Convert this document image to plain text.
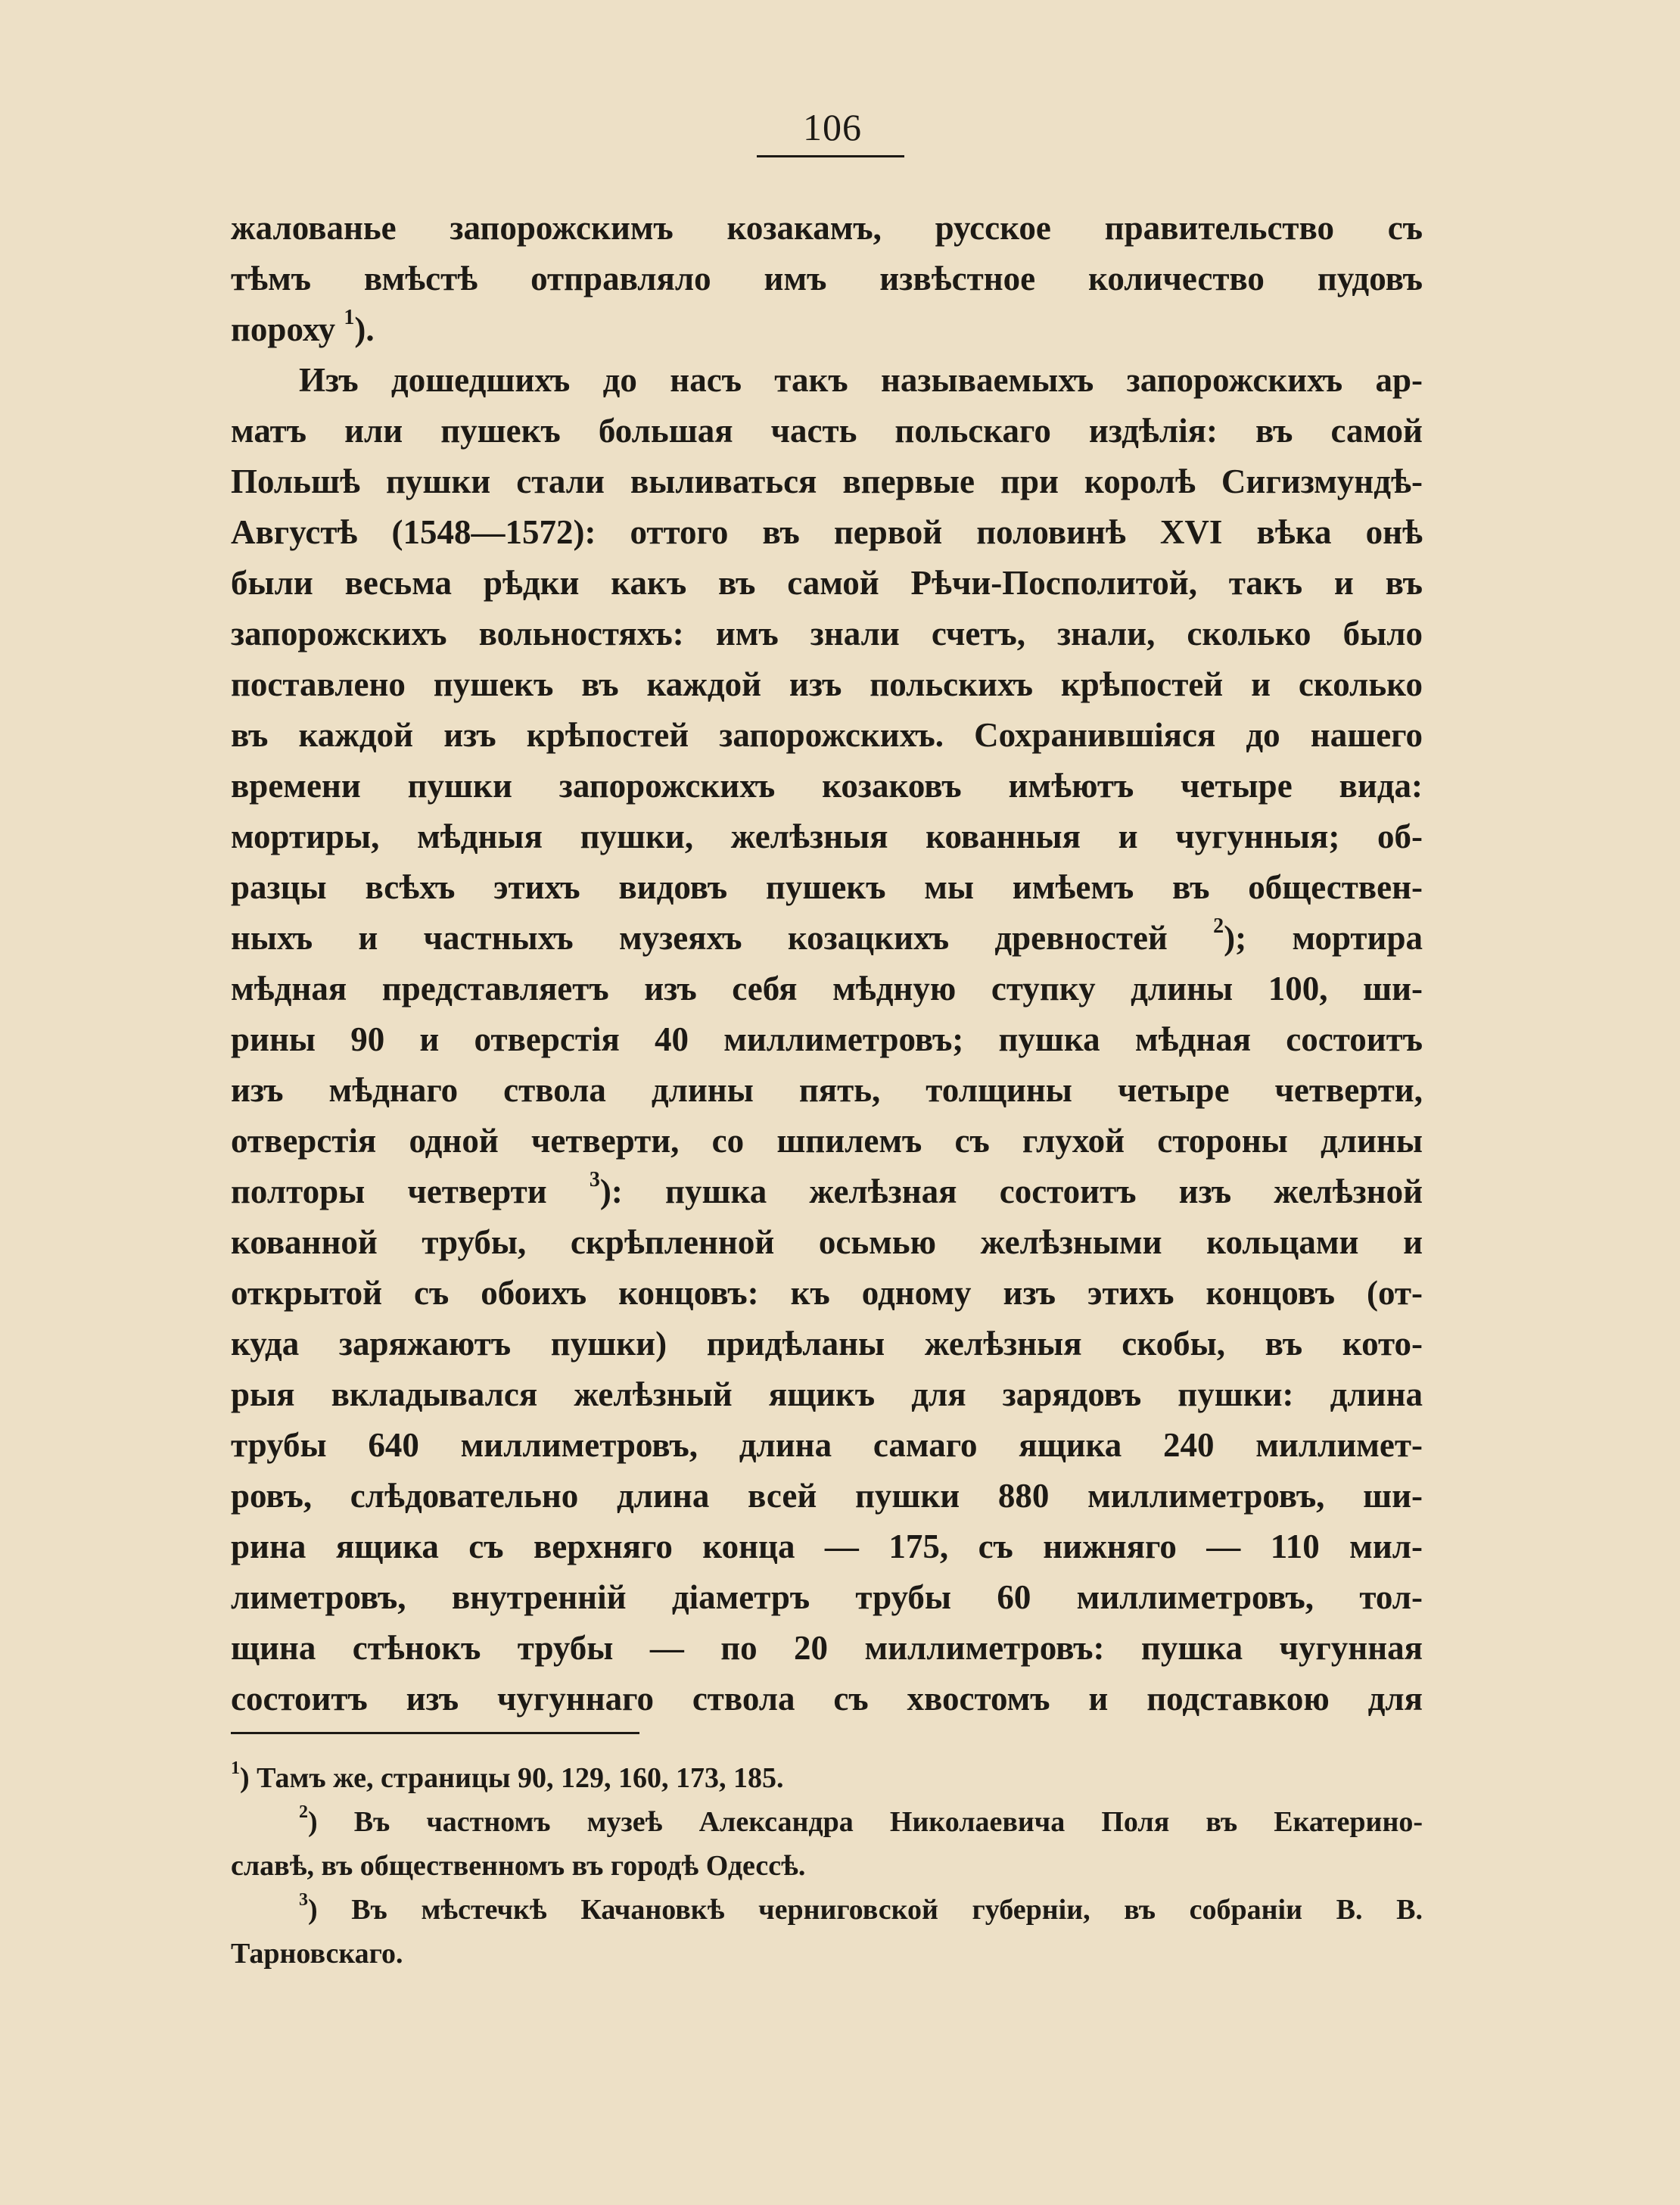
106
жалованье запорожскимъ козакамъ, русское правительство съ
тѣмъ вмѣстѣ отправляло имъ извѣстное количество пудовъ
пороху $^1$).
Изъ дошедшихъ до насъ такъ называемыхъ запорожскихъ ар-
матъ или пушекъ большая часть польскаго издѣлія: въ самой
Польшѣ пушки стали выливаться впервые при королѣ Сигизмундѣ-
Августѣ (1548—1572): оттого въ первой половинѣ XVI вѣка онѣ
были весьма рѣдки какъ въ самой Рѣчи-Посполитой, такъ и въ
запорожскихъ вольностяхъ: имъ знали счетъ, знали, сколько было
поставлено пушекъ въ каждой изъ польскихъ крѣпостей и сколько
въ каждой изъ крѣпостей запорожскихъ. Сохранившіяся до нашего
времени пушки запорожскихъ козаковъ имѣютъ четыре вида:
мортиры, мѣдныя пушки, желѣзныя кованныя и чугунныя; об-
разцы всѣхъ этихъ видовъ пушекъ мы имѣемъ въ обществен-
ныхъ и частныхъ музеяхъ козацкихъ древностей $^2$); мортира
мѣдная представляетъ изъ себя мѣдную ступку длины 100, ши-
рины 90 и отверстія 40 миллиметровъ; пушка мѣдная состоитъ
изъ мѣднаго ствола длины пять, толщины четыре четверти,
отверстія одной четверти, со шпилемъ съ глухой стороны длины
полторы четверти $^3$): пушка желѣзная состоитъ изъ желѣзной
кованной трубы, скрѣпленной осьмью желѣзными кольцами и
открытой съ обоихъ концовъ: къ одному изъ этихъ концовъ (от-
куда заряжаютъ пушки) придѣланы желѣзныя скобы, въ кото-
рыя вкладывался желѣзный ящикъ для зарядовъ пушки: длина
трубы 640 миллиметровъ, длина самаго ящика 240 миллимет-
ровъ, слѣдовательно длина всей пушки 880 миллиметровъ, ши-
рина ящика съ верхняго конца — 175, съ нижняго — 110 мил-
лиметровъ, внутренній діаметръ трубы 60 миллиметровъ, тол-
щина стѣнокъ трубы — по 20 миллиметровъ: пушка чугунная
состоитъ изъ чугуннаго ствола съ хвостомъ и подставкою для
$^1$) Тамъ же, страницы 90, 129, 160, 173, 185.
$^2$) Въ частномъ музеѣ Александра Николаевича Поля въ Екатерино-
славѣ, въ общественномъ въ городѣ Одессѣ.
$^3$) Въ мѣстечкѣ Качановкѣ черниговской губерніи, въ собраніи В. В.
Тарновскаго.
